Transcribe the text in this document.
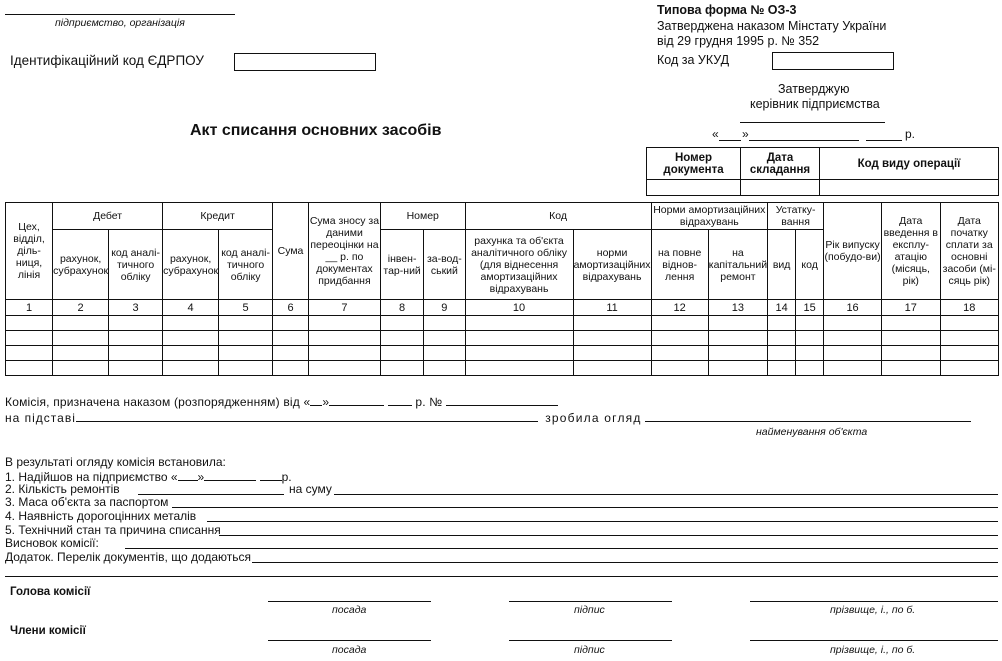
підприємство, організація
Ідентифікаційний код ЄДРПОУ
Типова форма № ОЗ-3
Затверджена наказом Мінстату України
від 29 грудня 1995 р. № 352
Код за УКУД
Затверджую
керівник підприємства
« »	р.
Акт списання основних засобів
Номер документа	Дата складання	Код виду операції

Цех, відділ, діль-ниця, лінія	Дебет		Кредит		Сума	Сума зносу за даними переоцінки на __ р. по документах придбання	Номер		Код		Норми амортизаційних відрахувань		Устатку-вання		Рік випуску (побудо-ви)	Дата введення в експлу-атацію (місяць, рік)	Дата початку сплати за основні засоби (мі-сяць рік)
	рахунок, субрахунок	код аналі-тичного обліку	рахунок, субрахунок	код аналі-тичного обліку			інвен-тар-ний	за-вод-ський	рахунка та об'єкта аналітичного обліку (для віднесення амортизаційних відрахувань	норми амортизаційних відрахувань	на повне віднов-лення	на капітальний ремонт	вид	код			
1	2	3	4	5	6	7	8	9	10	11	12	13	14	15	16	17	18

Комісія, призначена наказом (розпорядженням) від « »	р. №
на підставі	зробила огляд
найменування об'єкта
В результаті огляду комісія встановила:
1. Надійшов на підприємство « »	р.
2. Кількість ремонтів	на суму
3. Маса об'єкта за паспортом
4. Наявність дорогоцінних металів
5. Технічний стан та причина списання
Висновок комісії:
Додаток. Перелік документів, що додаються
Голова комісії
посада	підпис	прізвище, і., по б.
Члени комісії
посада	підпис	прізвище, і., по б.
